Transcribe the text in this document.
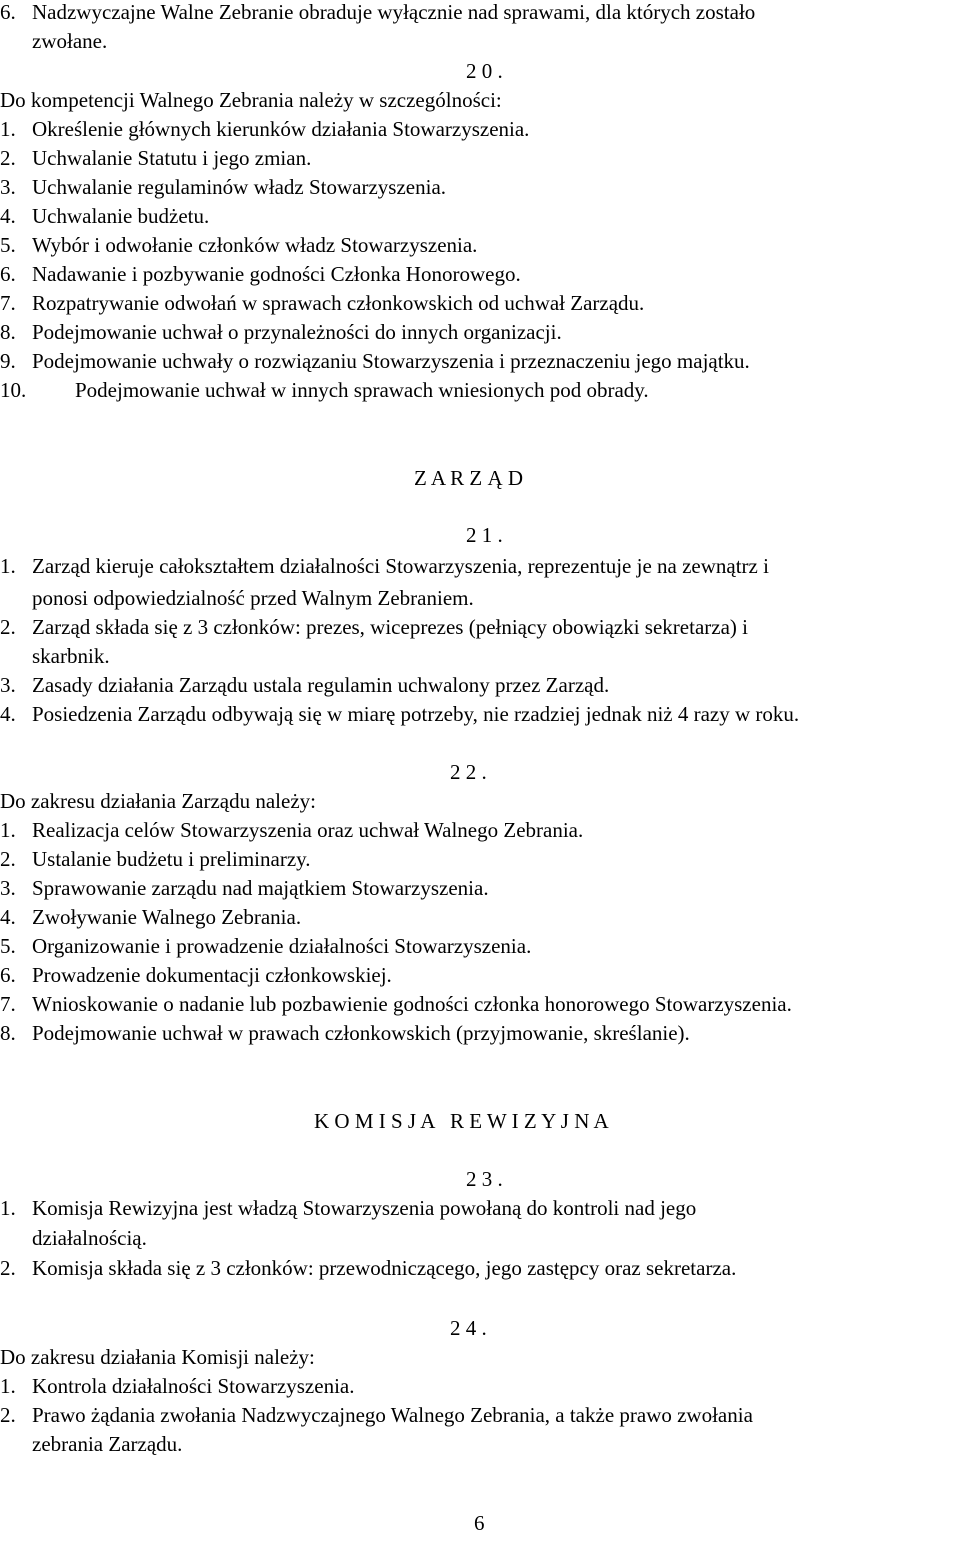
6. Nadzwyczajne Walne Zebranie obraduje wyłącznie nad sprawami, dla których zostało
zwołane.
2 0 .
Do kompetencji Walnego Zebrania należy w szczególności:
1. Określenie głównych kierunków działania Stowarzyszenia.
2. Uchwalanie Statutu i jego zmian.
3. Uchwalanie regulaminów władz Stowarzyszenia.
4. Uchwalanie budżetu.
5. Wybór i odwołanie członków władz Stowarzyszenia.
6. Nadawanie i pozbywanie godności Członka Honorowego.
7. Rozpatrywanie odwołań w sprawach członkowskich od uchwał Zarządu.
8. Podejmowanie uchwał o przynależności do innych organizacji.
9. Podejmowanie uchwały o rozwiązaniu Stowarzyszenia i przeznaczeniu jego majątku.
10. Podejmowanie uchwał w innych sprawach wniesionych pod obrady.
Z A R Z Ą D
2 1 .
1. Zarząd kieruje całokształtem działalności Stowarzyszenia, reprezentuje je na zewnątrz i
ponosi odpowiedzialność przed Walnym Zebraniem.
2. Zarząd składa się z 3 członków: prezes, wiceprezes (pełniący obowiązki sekretarza) i
skarbnik.
3. Zasady działania Zarządu ustala regulamin uchwalony przez Zarząd.
4. Posiedzenia Zarządu odbywają się w miarę potrzeby, nie rzadziej jednak niż 4 razy w roku.
2 2 .
Do zakresu działania Zarządu należy:
1. Realizacja celów Stowarzyszenia oraz uchwał Walnego Zebrania.
2. Ustalanie budżetu i preliminarzy.
3. Sprawowanie zarządu nad majątkiem Stowarzyszenia.
4. Zwoływanie Walnego Zebrania.
5. Organizowanie i prowadzenie działalności Stowarzyszenia.
6. Prowadzenie dokumentacji członkowskiej.
7. Wnioskowanie o nadanie lub pozbawienie godności członka honorowego Stowarzyszenia.
8. Podejmowanie uchwał w prawach członkowskich (przyjmowanie, skreślanie).
K O M I S J A   R E W I Z Y J N A
2 3 .
1. Komisja Rewizyjna jest władzą Stowarzyszenia powołaną do kontroli nad jego
działalnością.
2. Komisja składa się z 3 członków: przewodniczącego, jego zastępcy oraz sekretarza.
2 4 .
Do zakresu działania Komisji należy:
1. Kontrola działalności Stowarzyszenia.
2. Prawo żądania zwołania Nadzwyczajnego Walnego Zebrania, a także prawo zwołania
zebrania Zarządu.
6
